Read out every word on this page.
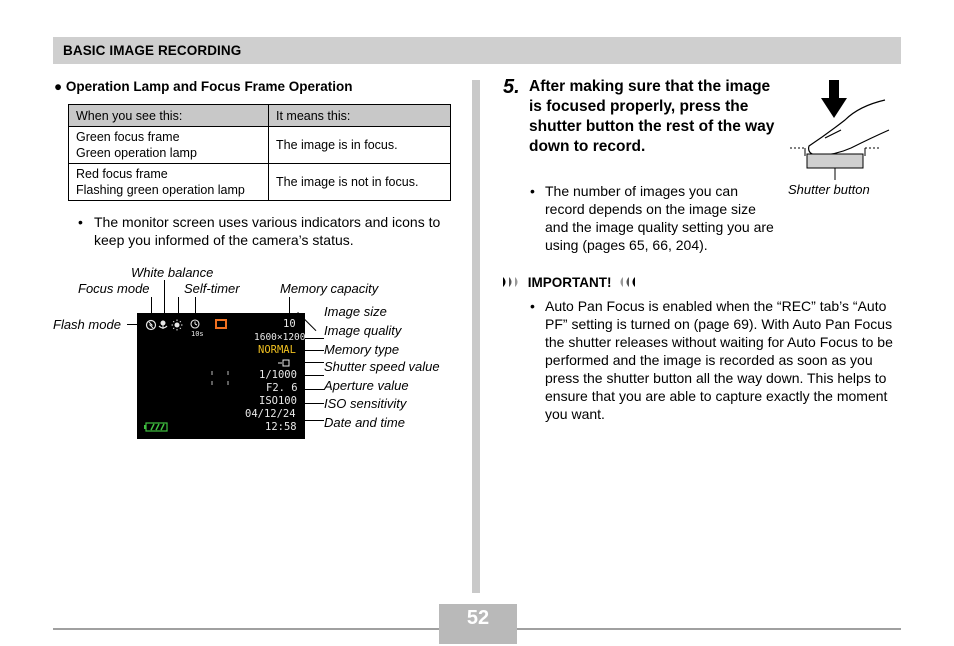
BASIC IMAGE RECORDING
● Operation Lamp and Focus Frame Operation
When you see this:	It means this:

Green focus frame
Green operation lamp	The image is in focus.

Red focus frame
Flashing green operation lamp	The image is not in focus.
• The monitor screen uses various indicators and icons to keep you informed of the camera’s status.
White balance
Focus mode	Self-timer	Memory capacity
Flash mode
Image size
Image quality
Memory type
Shutter speed value
Aperture value
ISO sensitivity
Date and time
10
10s	1600×1200
NORMAL
1/1000
F2. 6
ISO100
04/12/24
12:58
5. After making sure that the image is focused properly, press the shutter button the rest of the way down to record.
Shutter button
• The number of images you can record depends on the image size and the image quality setting you are using (pages 65, 66, 204).
IMPORTANT!
• Auto Pan Focus is enabled when the “REC” tab’s “Auto PF” setting is turned on (page 69). With Auto Pan Focus the shutter releases without waiting for Auto Focus to be performed and the image is recorded as soon as you press the shutter button all the way down. This helps to ensure that you are able to capture exactly the moment you want.
52
